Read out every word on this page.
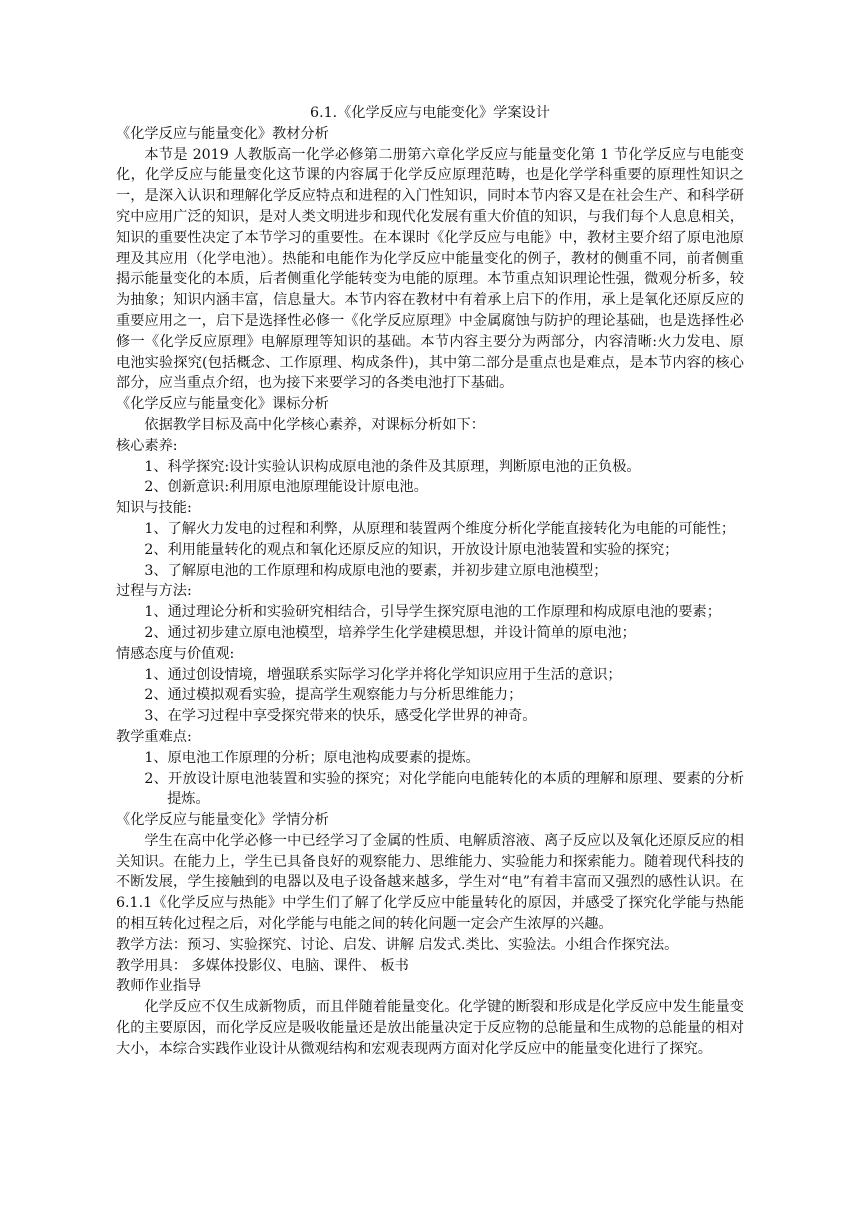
6.1.《化学反应与电能变化》学案设计

《化学反应与能量变化》教材分析

本节是 2019 人教版高一化学必修第二册第六章化学反应与能量变化第 1 节化学反应与电能变化，化学反应与能量变化这节课的内容属于化学反应原理范畴，也是化学学科重要的原理性知识之一，是深入认识和理解化学反应特点和进程的入门性知识，同时本节内容又是在社会生产、和科学研究中应用广泛的知识，是对人类文明进步和现代化发展有重大价值的知识，与我们每个人息息相关，知识的重要性决定了本节学习的重要性。在本课时《化学反应与电能》中，教材主要介绍了原电池原理及其应用（化学电池）。热能和电能作为化学反应中能量变化的例子，教材的侧重不同，前者侧重揭示能量变化的本质，后者侧重化学能转变为电能的原理。本节重点知识理论性强，微观分析多，较为抽象；知识内涵丰富，信息量大。本节内容在教材中有着承上启下的作用，承上是氧化还原反应的重要应用之一，启下是选择性必修一《化学反应原理》中金属腐蚀与防护的理论基础，也是选择性必修一《化学反应原理》电解原理等知识的基础。本节内容主要分为两部分，内容清晰:火力发电、原电池实验探究(包括概念、工作原理、构成条件)，其中第二部分是重点也是难点，是本节内容的核心部分，应当重点介绍，也为接下来要学习的各类电池打下基础。

《化学反应与能量变化》课标分析

依据教学目标及高中化学核心素养，对课标分析如下：

核心素养:

1、科学探究:设计实验认识构成原电池的条件及其原理，判断原电池的正负极。

2、创新意识:利用原电池原理能设计原电池。

知识与技能:

1、了解火力发电的过程和利弊，从原理和装置两个维度分析化学能直接转化为电能的可能性；

2、利用能量转化的观点和氧化还原反应的知识，开放设计原电池装置和实验的探究；

3、了解原电池的工作原理和构成原电池的要素，并初步建立原电池模型；

过程与方法:

1、通过理论分析和实验研究相结合，引导学生探究原电池的工作原理和构成原电池的要素；

2、通过初步建立原电池模型，培养学生化学建模思想，并设计简单的原电池；

情感态度与价值观:

1、通过创设情境，增强联系实际学习化学并将化学知识应用于生活的意识；

2、通过模拟观看实验，提高学生观察能力与分析思维能力；

3、在学习过程中享受探究带来的快乐，感受化学世界的神奇。

教学重难点:

1、原电池工作原理的分析；原电池构成要素的提炼。

2、开放设计原电池装置和实验的探究；对化学能向电能转化的本质的理解和原理、要素的分析提炼。

《化学反应与能量变化》学情分析

学生在高中化学必修一中已经学习了金属的性质、电解质溶液、离子反应以及氧化还原反应的相关知识。在能力上，学生已具备良好的观察能力、思维能力、实验能力和探索能力。随着现代科技的不断发展，学生接触到的电器以及电子设备越来越多，学生对“电”有着丰富而又强烈的感性认识。在 6.1.1《化学反应与热能》中学生们了解了化学反应中能量转化的原因，并感受了探究化学能与热能的相互转化过程之后，对化学能与电能之间的转化问题一定会产生浓厚的兴趣。

教学方法：预习、实验探究、讨论、启发、讲解 启发式.类比、实验法。小组合作探究法。

教学用具： 多媒体投影仪、电脑、课件、 板书

教师作业指导

化学反应不仅生成新物质，而且伴随着能量变化。化学键的断裂和形成是化学反应中发生能量变化的主要原因，而化学反应是吸收能量还是放出能量决定于反应物的总能量和生成物的总能量的相对大小，本综合实践作业设计从微观结构和宏观表现两方面对化学反应中的能量变化进行了探究。
